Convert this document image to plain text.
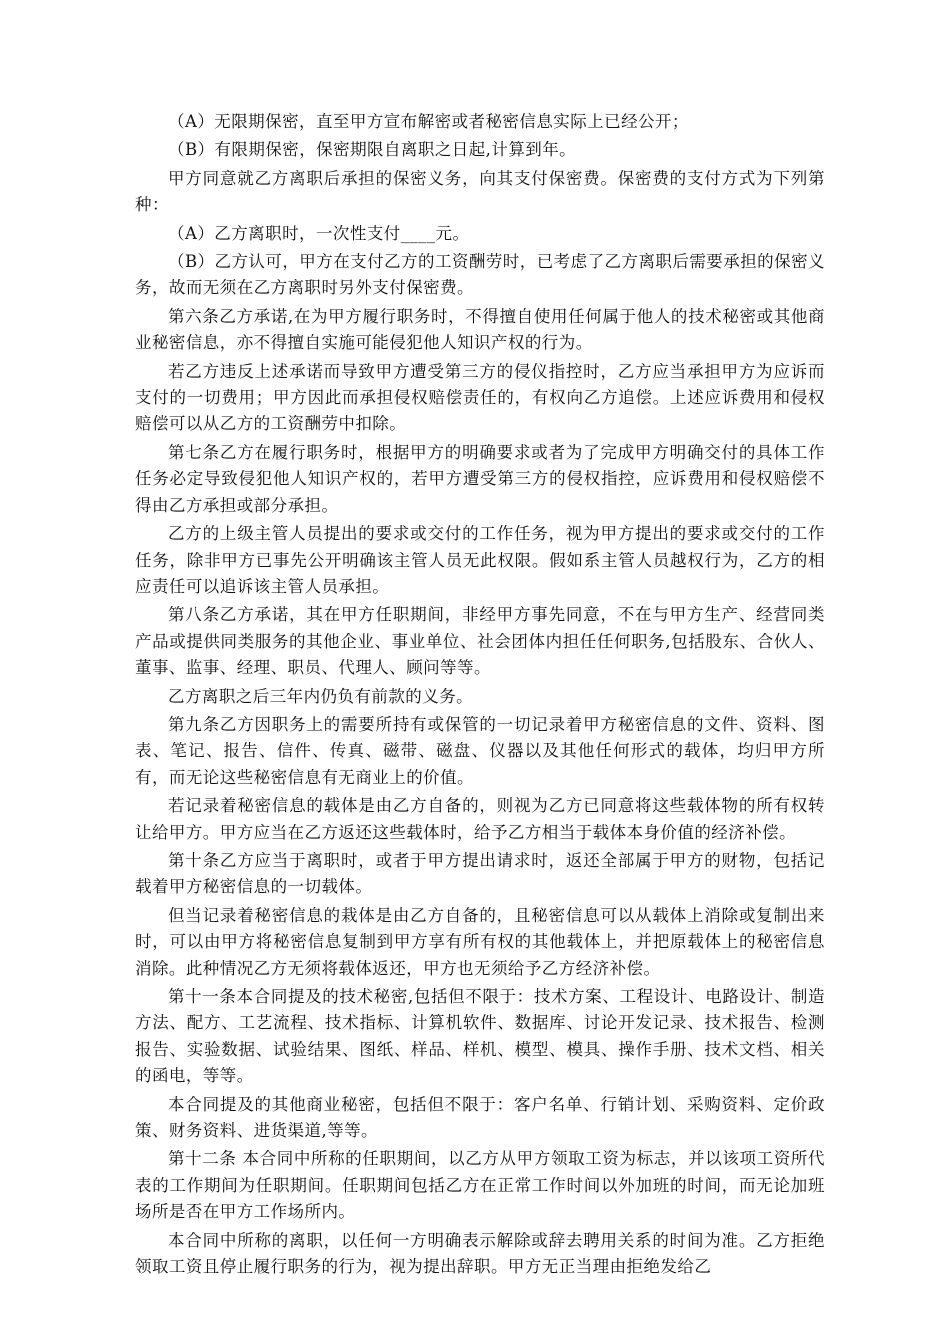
（A）无限期保密，直至甲方宣布解密或者秘密信息实际上已经公开；

（B）有限期保密，保密期限自离职之日起,计算到年。

甲方同意就乙方离职后承担的保密义务，向其支付保密费。保密费的支付方式为下列第 种：

（A）乙方离职时，一次性支付____元。

（B）乙方认可，甲方在支付乙方的工资酬劳时，已考虑了乙方离职后需要承担的保密义务，故而无须在乙方离职时另外支付保密费。

第六条乙方承诺,在为甲方履行职务时，不得擅自使用任何属于他人的技术秘密或其他商业秘密信息，亦不得擅自实施可能侵犯他人知识产权的行为。

若乙方违反上述承诺而导致甲方遭受第三方的侵仪指控时，乙方应当承担甲方为应诉而支付的一切费用；甲方因此而承担侵权赔偿责任的，有权向乙方追偿。上述应诉费用和侵权赔偿可以从乙方的工资酬劳中扣除。

第七条乙方在履行职务时，根据甲方的明确要求或者为了完成甲方明确交付的具体工作任务必定导致侵犯他人知识产权的，若甲方遭受第三方的侵权指控，应诉费用和侵权赔偿不得由乙方承担或部分承担。

乙方的上级主管人员提出的要求或交付的工作任务，视为甲方提出的要求或交付的工作任务，除非甲方已事先公开明确该主管人员无此权限。假如系主管人员越权行为，乙方的相应责任可以追诉该主管人员承担。

第八条乙方承诺，其在甲方任职期间，非经甲方事先同意，不在与甲方生产、经营同类产品或提供同类服务的其他企业、事业单位、社会团体内担任任何职务,包括股东、合伙人、董事、监事、经理、职员、代理人、顾问等等。

乙方离职之后三年内仍负有前款的义务。

第九条乙方因职务上的需要所持有或保管的一切记录着甲方秘密信息的文件、资料、图表、笔记、报告、信件、传真、磁带、磁盘、仪器以及其他任何形式的载体，均归甲方所有，而无论这些秘密信息有无商业上的价值。

若记录着秘密信息的载体是由乙方自备的，则视为乙方已同意将这些载体物的所有权转让给甲方。甲方应当在乙方返还这些载体时，给予乙方相当于载体本身价值的经济补偿。

第十条乙方应当于离职时，或者于甲方提出请求时，返还全部属于甲方的财物，包括记载着甲方秘密信息的一切载体。

但当记录着秘密信息的栽体是由乙方自备的，且秘密信息可以从载体上消除或复制出来时，可以由甲方将秘密信息复制到甲方享有所有权的其他载体上，并把原载体上的秘密信息消除。此种情况乙方无须将载体返还，甲方也无须给予乙方经济补偿。

第十一条本合同提及的技术秘密,包括但不限于：技术方案、工程设计、电路设计、制造方法、配方、工艺流程、技术指标、计算机软件、数据库、讨论开发记录、技术报告、检测报告、实验数据、试验结果、图纸、样品、样机、模型、模具、操作手册、技术文档、相关的函电，等等。

本合同提及的其他商业秘密，包括但不限于：客户名单、行销计划、采购资料、定价政策、财务资料、进货渠道,等等。

第十二条 本合同中所称的任职期间，以乙方从甲方领取工资为标志，并以该项工资所代表的工作期间为任职期间。任职期间包括乙方在正常工作时间以外加班的时间，而无论加班场所是否在甲方工作场所内。

本合同中所称的离职，以任何一方明确表示解除或辞去聘用关系的时间为准。乙方拒绝领取工资且停止履行职务的行为，视为提出辞职。甲方无正当理由拒绝发给乙
